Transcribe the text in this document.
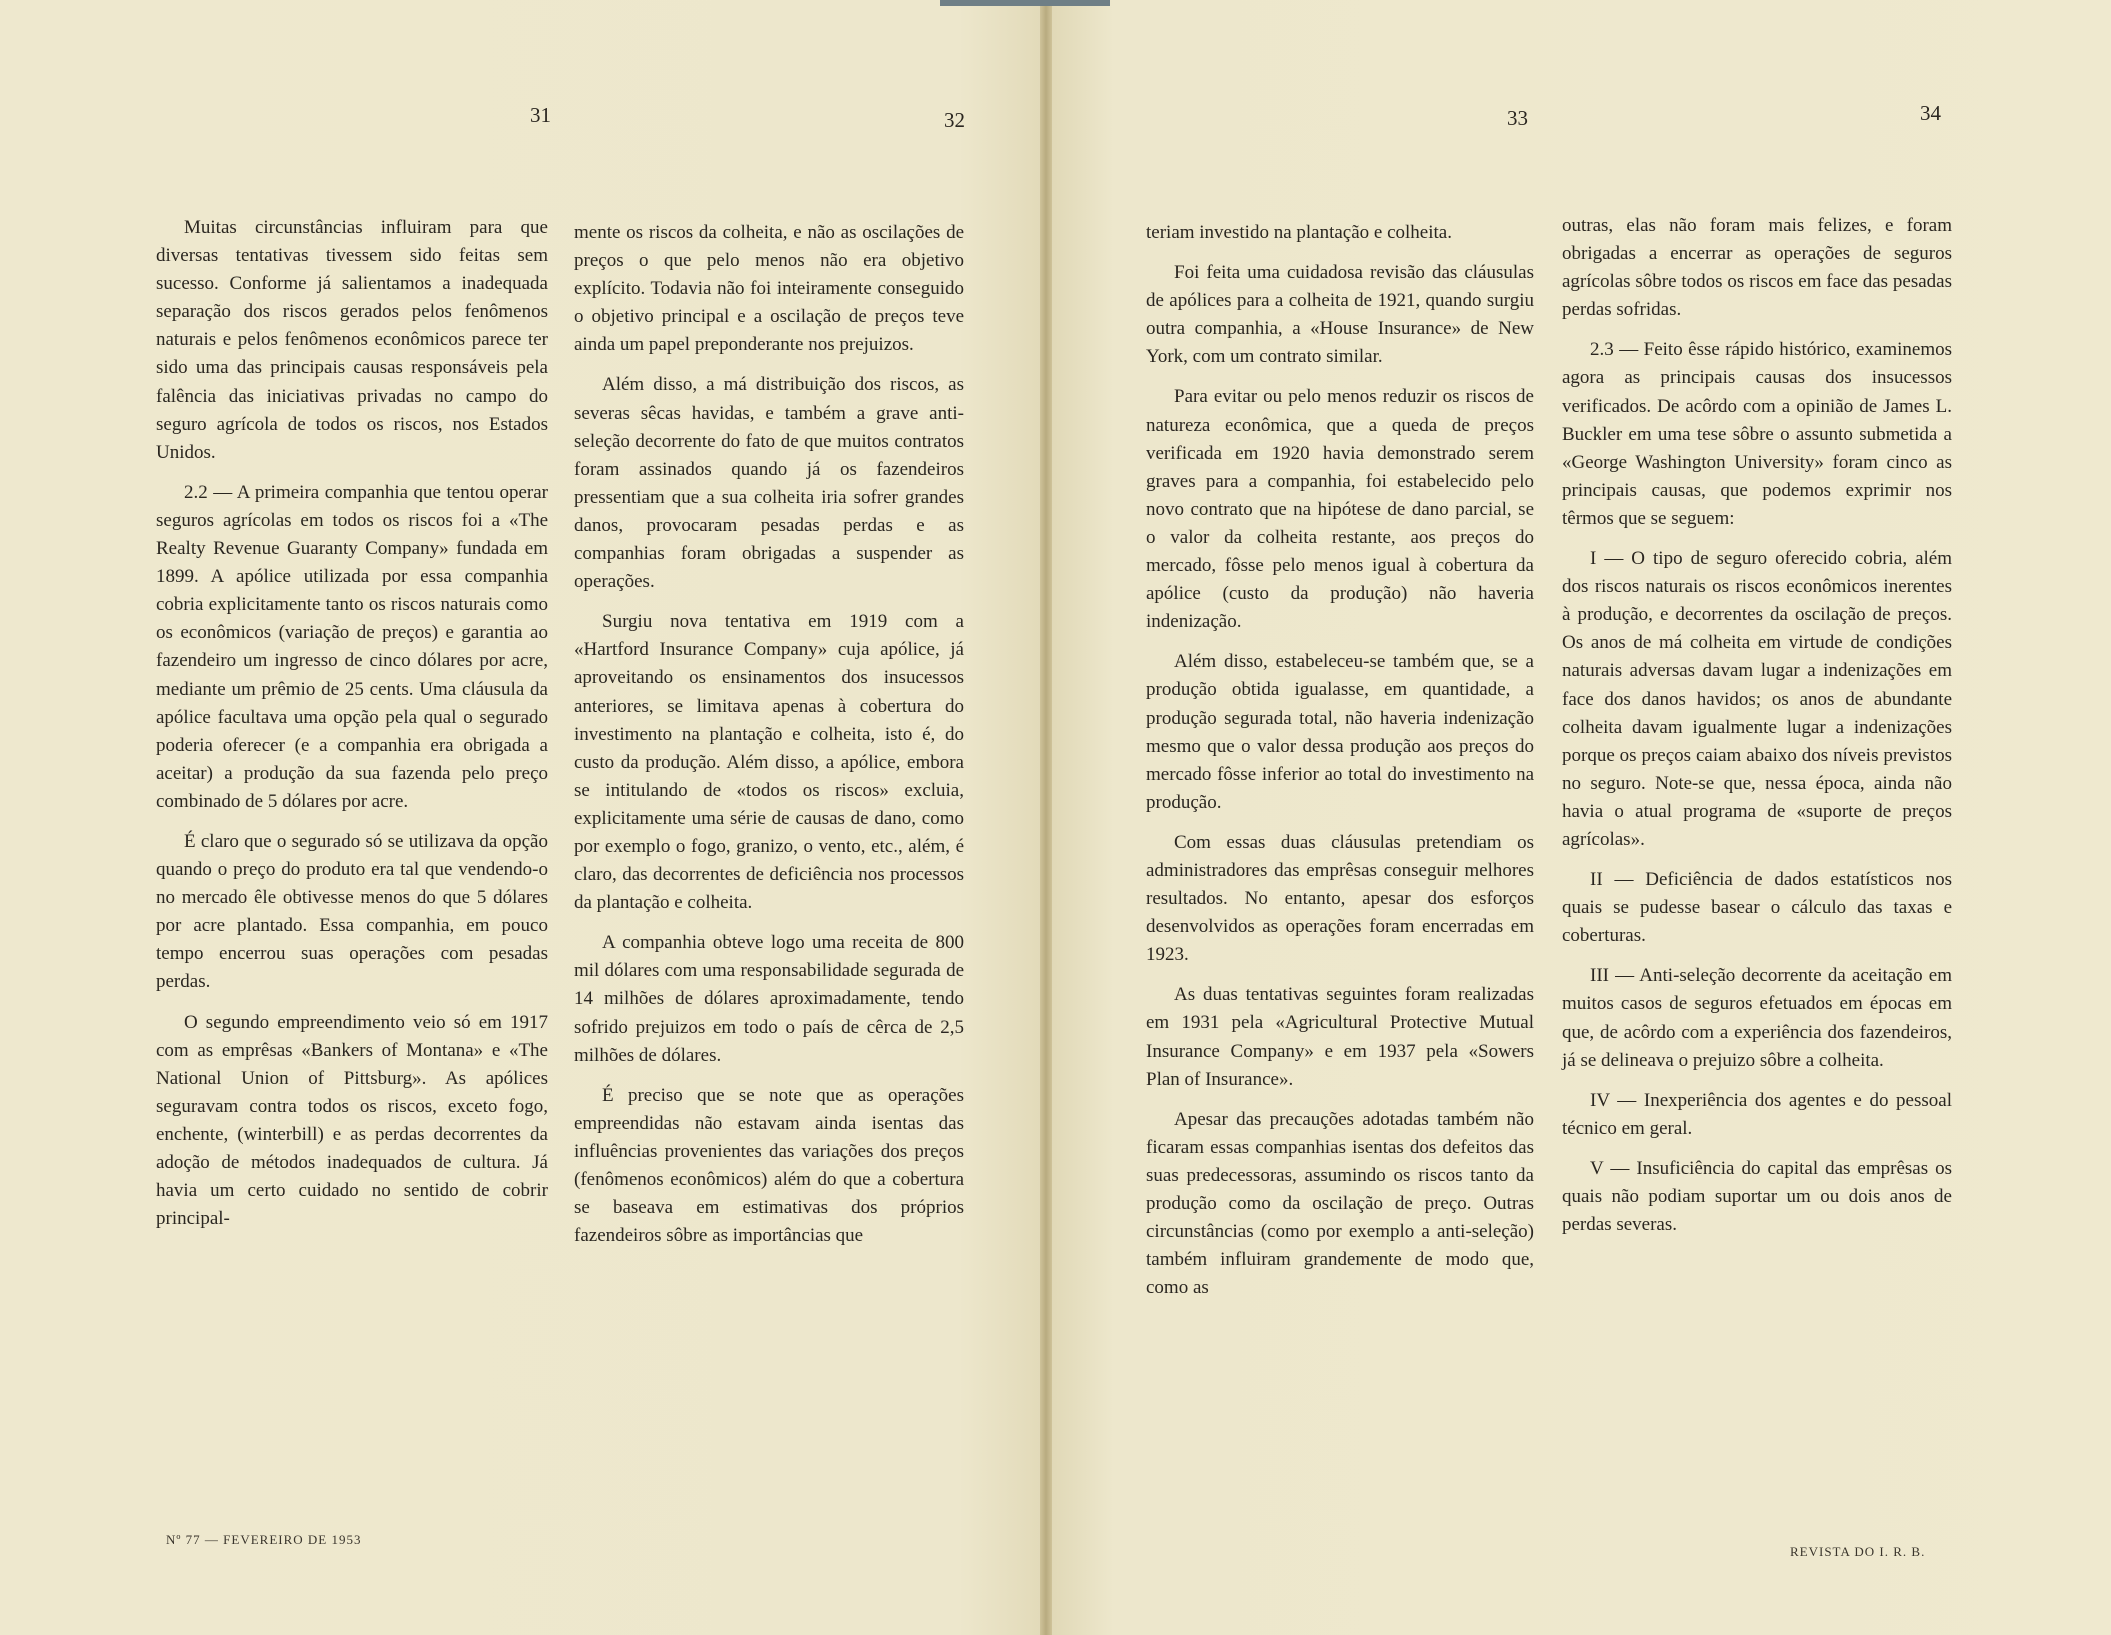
31	32	33	34

Muitas circunstâncias influiram para que diversas tentativas tivessem sido feitas sem sucesso. Conforme já salientamos a inadequada separação dos riscos gerados pelos fenômenos naturais e pelos fenômenos econômicos parece ter sido uma das principais causas responsáveis pela falência das iniciativas privadas no campo do seguro agrícola de todos os riscos, nos Estados Unidos.

2.2 — A primeira companhia que tentou operar seguros agrícolas em todos os riscos foi a «The Realty Revenue Guaranty Company» fundada em 1899. A apólice utilizada por essa companhia cobria explicitamente tanto os riscos naturais como os econômicos (variação de preços) e garantia ao fazendeiro um ingresso de cinco dólares por acre, mediante um prêmio de 25 cents. Uma cláusula da apólice facultava uma opção pela qual o segurado poderia oferecer (e a companhia era obrigada a aceitar) a produção da sua fazenda pelo preço combinado de 5 dólares por acre.

É claro que o segurado só se utilizava da opção quando o preço do produto era tal que vendendo-o no mercado êle obtivesse menos do que 5 dólares por acre plantado. Essa companhia, em pouco tempo encerrou suas operações com pesadas perdas.

O segundo empreendimento veio só em 1917 com as emprêsas «Bankers of Montana» e «The National Union of Pittsburg». As apólices seguravam contra todos os riscos, exceto fogo, enchente, (winterbill) e as perdas decorrentes da adoção de métodos inadequados de cultura. Já havia um certo cuidado no sentido de cobrir principal-

mente os riscos da colheita, e não as oscilações de preços o que pelo menos não era objetivo explícito. Todavia não foi inteiramente conseguido o objetivo principal e a oscilação de preços teve ainda um papel preponderante nos prejuizos.

Além disso, a má distribuição dos riscos, as severas sêcas havidas, e também a grave anti-seleção decorrente do fato de que muitos contratos foram assinados quando já os fazendeiros pressentiam que a sua colheita iria sofrer grandes danos, provocaram pesadas perdas e as companhias foram obrigadas a suspender as operações.

Surgiu nova tentativa em 1919 com a «Hartford Insurance Company» cuja apólice, já aproveitando os ensinamentos dos insucessos anteriores, se limitava apenas à cobertura do investimento na plantação e colheita, isto é, do custo da produção. Além disso, a apólice, embora se intitulando de «todos os riscos» excluia, explicitamente uma série de causas de dano, como por exemplo o fogo, granizo, o vento, etc., além, é claro, das decorrentes de deficiência nos processos da plantação e colheita.

A companhia obteve logo uma receita de 800 mil dólares com uma responsabilidade segurada de 14 milhões de dólares aproximadamente, tendo sofrido prejuizos em todo o país de cêrca de 2,5 milhões de dólares.

É preciso que se note que as operações empreendidas não estavam ainda isentas das influências provenientes das variações dos preços (fenômenos econômicos) além do que a cobertura se baseava em estimativas dos próprios fazendeiros sôbre as importâncias que

teriam investido na plantação e colheita.

Foi feita uma cuidadosa revisão das cláusulas de apólices para a colheita de 1921, quando surgiu outra companhia, a «House Insurance» de New York, com um contrato similar.

Para evitar ou pelo menos reduzir os riscos de natureza econômica, que a queda de preços verificada em 1920 havia demonstrado serem graves para a companhia, foi estabelecido pelo novo contrato que na hipótese de dano parcial, se o valor da colheita restante, aos preços do mercado, fôsse pelo menos igual à cobertura da apólice (custo da produção) não haveria indenização.

Além disso, estabeleceu-se também que, se a produção obtida igualasse, em quantidade, a produção segurada total, não haveria indenização mesmo que o valor dessa produção aos preços do mercado fôsse inferior ao total do investimento na produção.

Com essas duas cláusulas pretendiam os administradores das emprêsas conseguir melhores resultados. No entanto, apesar dos esforços desenvolvidos as operações foram encerradas em 1923.

As duas tentativas seguintes foram realizadas em 1931 pela «Agricultural Protective Mutual Insurance Company» e em 1937 pela «Sowers Plan of Insurance».

Apesar das precauções adotadas também não ficaram essas companhias isentas dos defeitos das suas predecessoras, assumindo os riscos tanto da produção como da oscilação de preço. Outras circunstâncias (como por exemplo a anti-seleção) também influiram grandemente de modo que, como as

outras, elas não foram mais felizes, e foram obrigadas a encerrar as operações de seguros agrícolas sôbre todos os riscos em face das pesadas perdas sofridas.

2.3 — Feito êsse rápido histórico, examinemos agora as principais causas dos insucessos verificados. De acôrdo com a opinião de James L. Buckler em uma tese sôbre o assunto submetida a «George Washington University» foram cinco as principais causas, que podemos exprimir nos têrmos que se seguem:

I — O tipo de seguro oferecido cobria, além dos riscos naturais os riscos econômicos inerentes à produção, e decorrentes da oscilação de preços. Os anos de má colheita em virtude de condições naturais adversas davam lugar a indenizações em face dos danos havidos; os anos de abundante colheita davam igualmente lugar a indenizações porque os preços caiam abaixo dos níveis previstos no seguro. Note-se que, nessa época, ainda não havia o atual programa de «suporte de preços agrícolas».

II — Deficiência de dados estatísticos nos quais se pudesse basear o cálculo das taxas e coberturas.

III — Anti-seleção decorrente da aceitação em muitos casos de seguros efetuados em épocas em que, de acôrdo com a experiência dos fazendeiros, já se delineava o prejuizo sôbre a colheita.

IV — Inexperiência dos agentes e do pessoal técnico em geral.

V — Insuficiência do capital das emprêsas os quais não podiam suportar um ou dois anos de perdas severas.

Nº 77 — FEVEREIRO DE 1953
REVISTA DO I. R. B.
